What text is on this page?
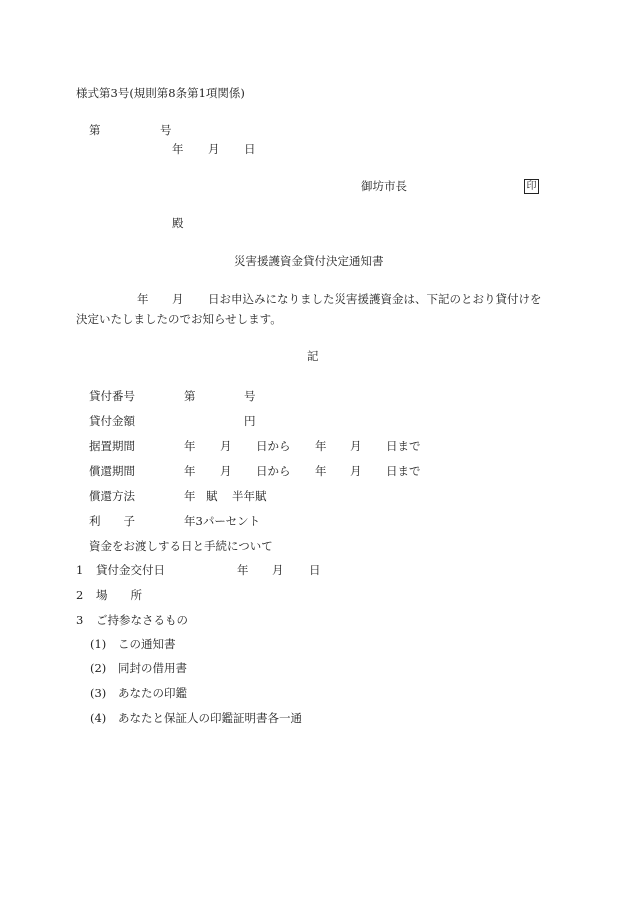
様式第3号(規則第8条第1項関係)
第	号
年 月 日
御坊市長	印
殿
災害援護資金貸付決定通知書
年 月 日お申込みになりました災害援護資金は、下記のとおり貸付けを
決定いたしましたのでお知らせします。
記
貸付番号	第	号
貸付金額	円
据置期間	年 月 日から 年 月 日まで
償還期間	年 月 日から 年 月 日まで
償還方法	年 賦 半年賦
利　　子	年3パーセント
資金をお渡しする日と手続について
1 貸付金交付日	年 月 日
2 場　　所
3 ご持参なさるもの
(1) この通知書
(2) 同封の借用書
(3) あなたの印鑑
(4) あなたと保証人の印鑑証明書各一通
